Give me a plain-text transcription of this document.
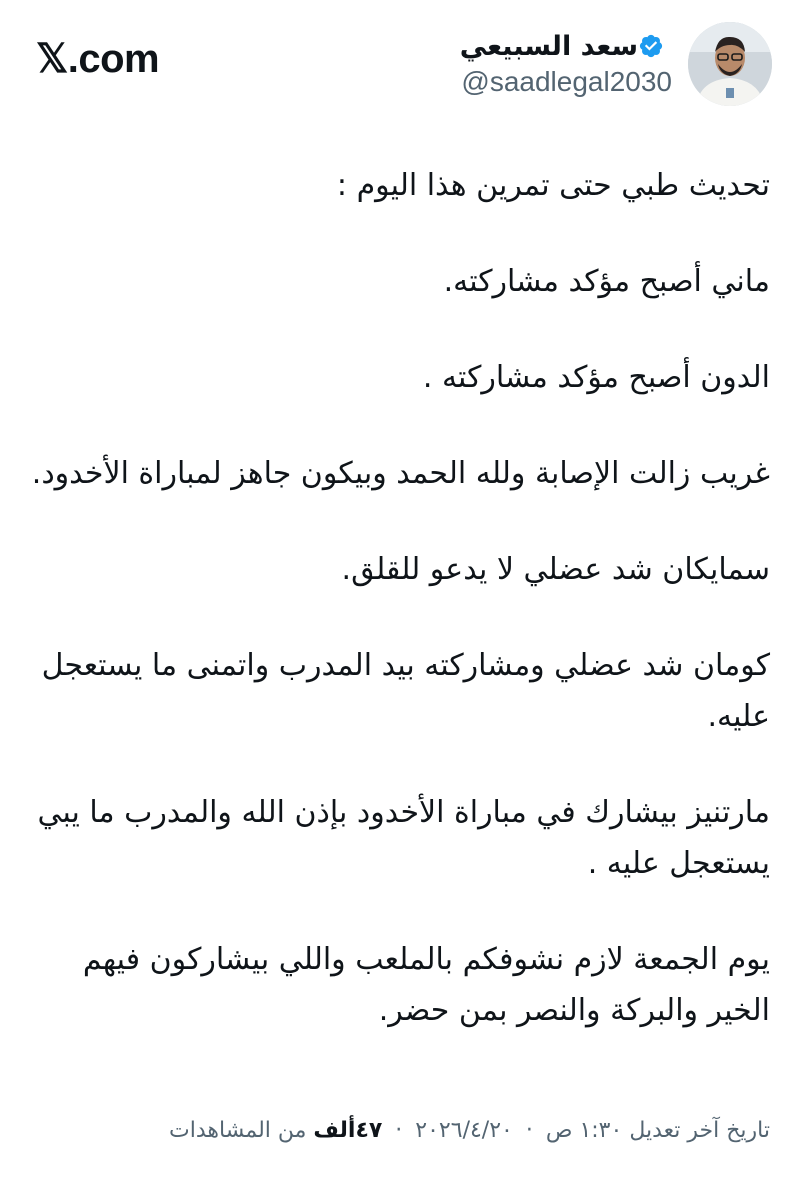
𝕏.com	سعد السبيعي
@saadlegal2030

تحديث طبي حتى تمرين هذا اليوم :

ماني أصبح مؤكد مشاركته.

الدون أصبح مؤكد مشاركته .

غريب زالت الإصابة ولله الحمد وبيكون جاهز لمباراة الأخدود.

سمايكان شد عضلي لا يدعو للقلق.

كومان شد عضلي ومشاركته بيد المدرب واتمنى ما يستعجل عليه.

مارتنيز بيشارك في مباراة الأخدود بإذن الله والمدرب ما يبي يستعجل عليه .

يوم الجمعة لازم نشوفكم بالملعب واللي بيشاركون فيهم الخير والبركة والنصر بمن حضر.

تاريخ آخر تعديل ١:٣٠ ص · ٢٠٢٦/٤/٢٠ · ٤٧ألف من المشاهدات
